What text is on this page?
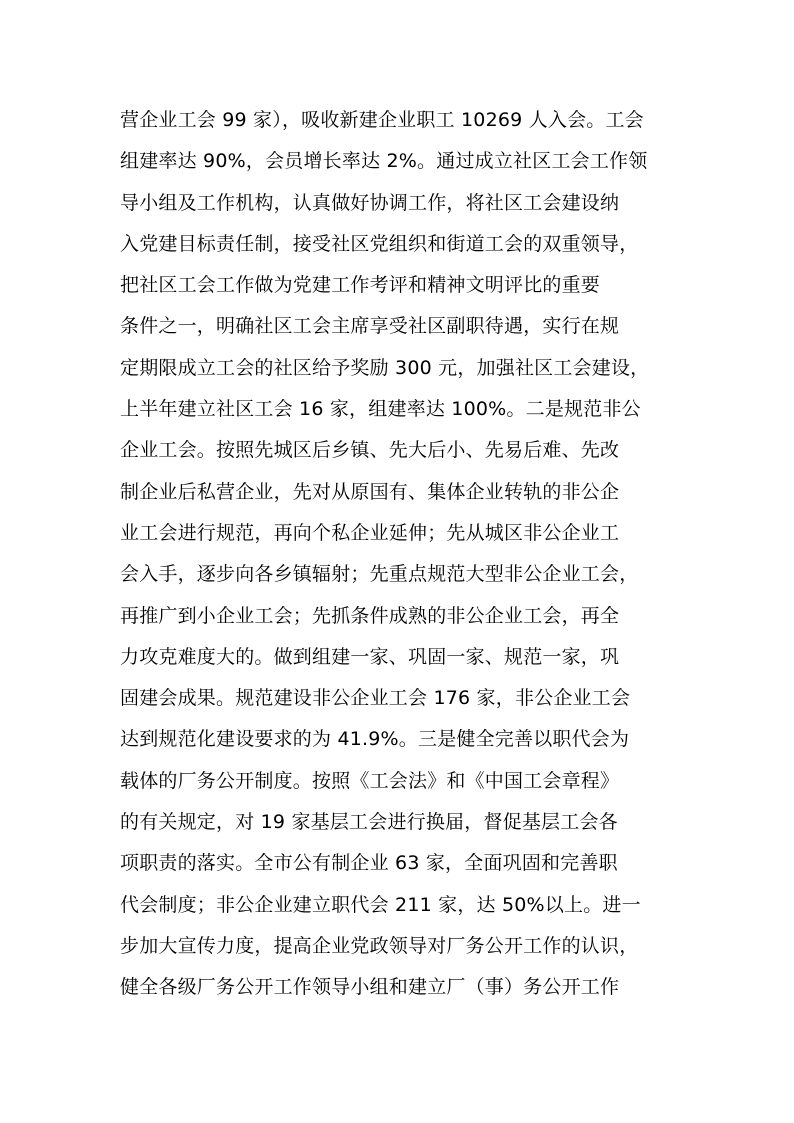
营企业工会 99 家），吸收新建企业职工 10269 人入会。工会
组建率达 90%，会员增长率达 2%。通过成立社区工会工作领
导小组及工作机构，认真做好协调工作，将社区工会建设纳
入党建目标责任制，接受社区党组织和街道工会的双重领导，
把社区工会工作做为党建工作考评和精神文明评比的重要
条件之一，明确社区工会主席享受社区副职待遇，实行在规
定期限成立工会的社区给予奖励 300 元，加强社区工会建设，
上半年建立社区工会 16 家，组建率达 100%。二是规范非公
企业工会。按照先城区后乡镇、先大后小、先易后难、先改
制企业后私营企业，先对从原国有、集体企业转轨的非公企
业工会进行规范，再向个私企业延伸；先从城区非公企业工
会入手，逐步向各乡镇辐射；先重点规范大型非公企业工会，
再推广到小企业工会；先抓条件成熟的非公企业工会，再全
力攻克难度大的。做到组建一家、巩固一家、规范一家，巩
固建会成果。规范建设非公企业工会 176 家，非公企业工会
达到规范化建设要求的为 41.9%。三是健全完善以职代会为
载体的厂务公开制度。按照《工会法》和《中国工会章程》
的有关规定，对 19 家基层工会进行换届，督促基层工会各
项职责的落实。全市公有制企业 63 家，全面巩固和完善职
代会制度；非公企业建立职代会 211 家，达 50%以上。进一
步加大宣传力度，提高企业党政领导对厂务公开工作的认识，
健全各级厂务公开工作领导小组和建立厂（事）务公开工作
